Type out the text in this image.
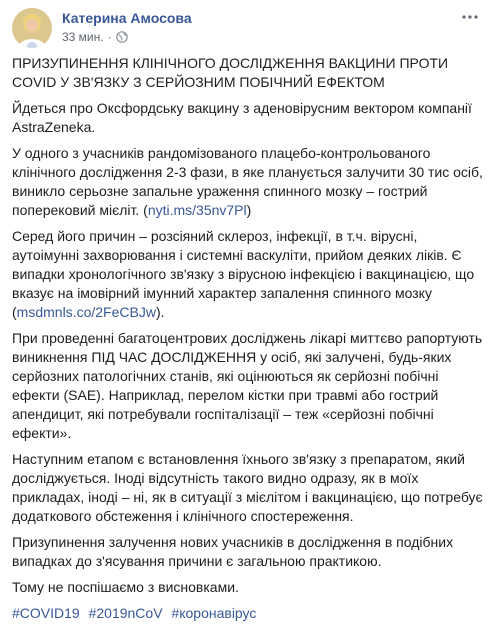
Катерина Амосова
33 мин. ·

ПРИЗУПИНЕННЯ КЛІНІЧНОГО ДОСЛІДЖЕННЯ ВАКЦИНИ ПРОТИ COVID У ЗВ'ЯЗКУ З СЕРЙОЗНИМ ПОБІЧНИЙ ЕФЕКТОМ

Йдеться про Оксфордську вакцину з аденовірусним вектором компанії AstraZeneka.

У одного з учасників рандомізованого плацебо-контрольованого клінічного дослідження 2-3 фази, в яке планується залучити 30 тис осіб, виникло серьозне запальне ураження спинного мозку – гострий поперековий мієліт. (nyti.ms/35nv7Pl)

Серед його причин – розсіяний склероз, інфекції, в т.ч. вірусні, аутоімунні захворювання і системні васкуліти, прийом деяких ліків. Є випадки хронологічного зв'язку з вірусною інфекцією і вакцинацією, що вказує на імовірний імунний характер запалення спинного мозку (msdmnls.co/2FeCBJw).

При проведенні багатоцентрових досліджень лікарі миттєво рапортують виникнення ПІД ЧАС ДОСЛІДЖЕННЯ у осіб, які залучені, будь-яких серйозних патологічних станів, які оцінюються як серйозні побічні ефекти (SAE). Наприклад, перелом кістки при травмі або гострий апендицит, які потребували госпіталізації – теж «серйозні побічні ефекти».

Наступним етапом є встановлення їхнього зв'язку з препаратом, який досліджується. Іноді відсутність такого видно одразу, як в моїх прикладах, іноді – ні, як в ситуації з мієлітом і вакцинацією, що потребує додаткового обстеження і клінічного спостереження.

Призупинення залучення нових учасників в дослідження в подібних випадках до з'ясування причини є загальною практикою.

Тому не поспішаємо з висновками.

#COVID19 #2019nCoV #коронавірус
